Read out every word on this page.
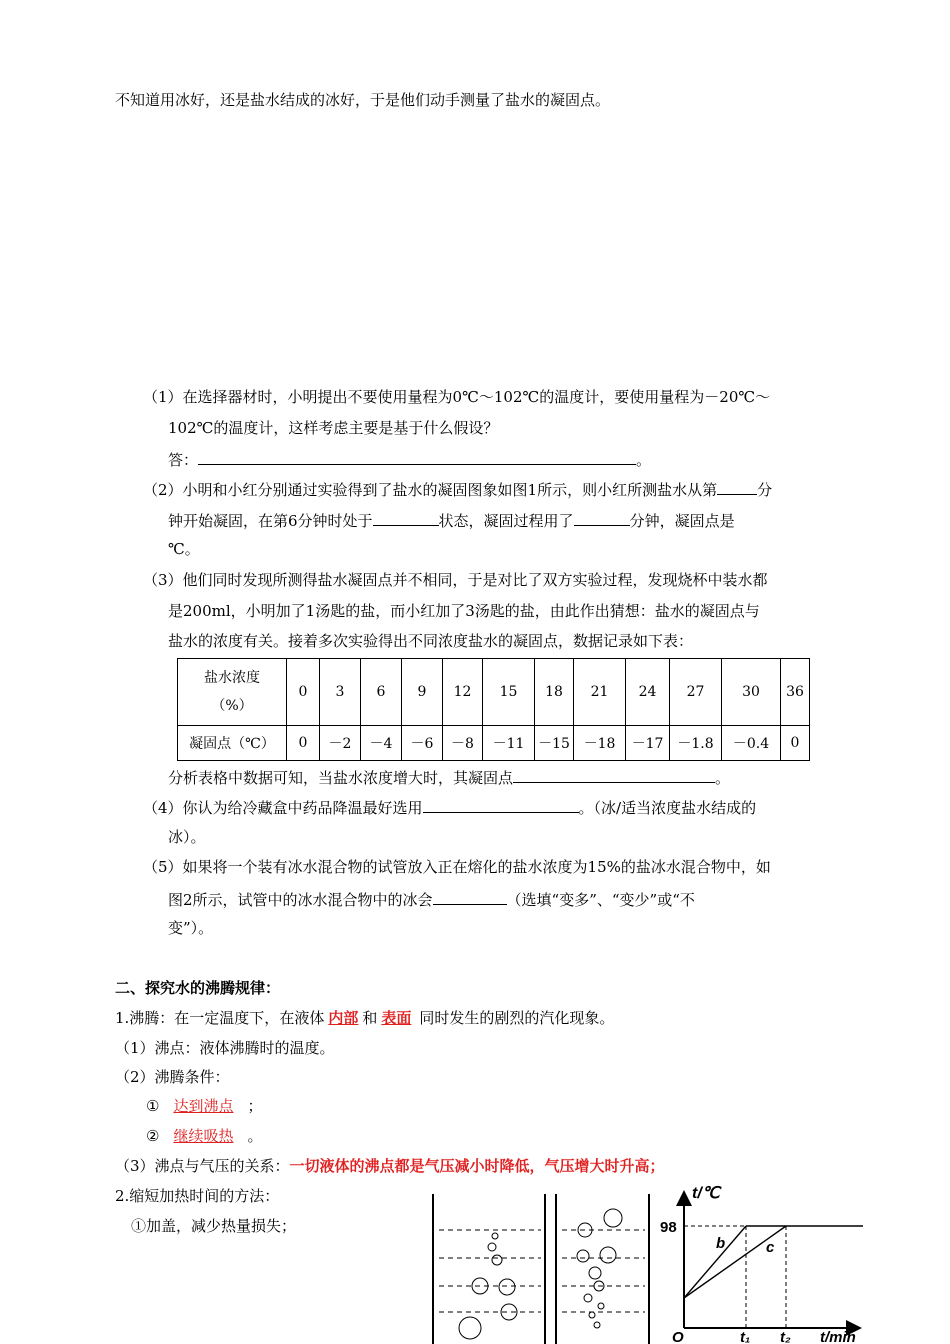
不知道用冰好，还是盐水结成的冰好，于是他们动手测量了盐水的凝固点。
（1）在选择器材时，小明提出不要使用量程为0℃～102℃的温度计，要使用量程为－20℃～
102℃的温度计，这样考虑主要是基于什么假设？
答：	。
（2）小明和小红分别通过实验得到了盐水的凝固图象如图1所示，则小红所测盐水从第	分
钟开始凝固，在第6分钟时处于	状态，凝固过程用了	分钟，凝固点是
℃。
（3）他们同时发现所测得盐水凝固点并不相同，于是对比了双方实验过程，发现烧杯中装水都
是200ml，小明加了1汤匙的盐，而小红加了3汤匙的盐，由此作出猜想：盐水的凝固点与
盐水的浓度有关。接着多次实验得出不同浓度盐水的凝固点，数据记录如下表：
盐水浓度
（%）	0	3	6	9	12	15	18	21	24	27	30	36
凝固点（℃）	0	－2	－4	－6	－8	－11	－15	－18	－17	－1.8	－0.4	0
分析表格中数据可知，当盐水浓度增大时，其凝固点	。
（4）你认为给冷藏盒中药品降温最好选用	。（冰/适当浓度盐水结成的
冰）。
（5）如果将一个装有冰水混合物的试管放入正在熔化的盐水浓度为15%的盐冰水混合物中，如
图2所示，试管中的冰水混合物中的冰会	（选填“变多”、“变少”或“不
变”）。
二、探究水的沸腾规律：
1.沸腾：在一定温度下，在液体 内部 和 表面 同时发生的剧烈的汽化现象。
（1）沸点：液体沸腾时的温度。
（2）沸腾条件：
① 达到沸点 ；
② 继续吸热 。
（3）沸点与气压的关系：一切液体的沸点都是气压减小时降低，气压增大时升高；
2.缩短加热时间的方法：
①加盖，减少热量损失；
t/℃
98
b	c
O	t₁ t₂ t/min
